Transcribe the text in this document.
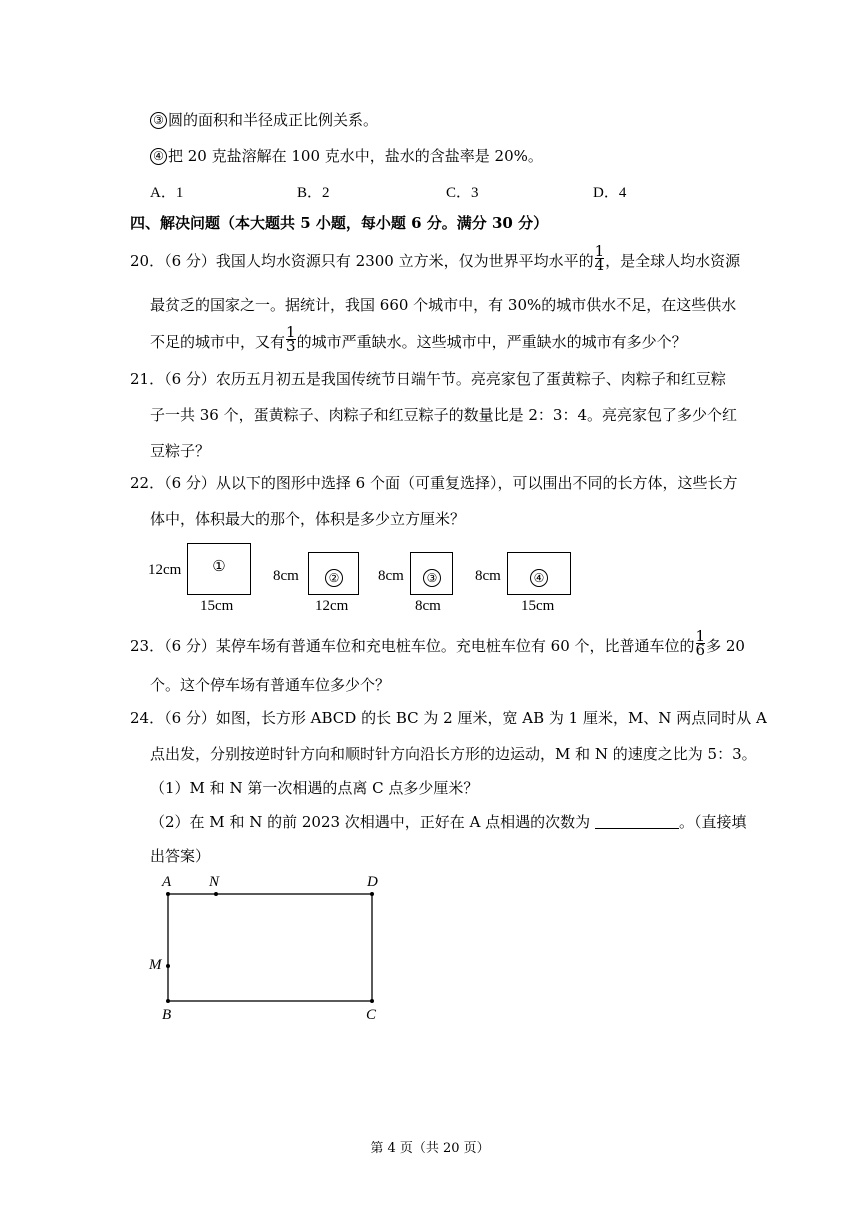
③ 圆的面积和半径成正比例关系。
④ 把 20 克盐溶解在 100 克水中，盐水的含盐率是 20%。
A．1	B．2	C．3	D．4
四、解决问题（本大题共 5 小题，每小题 6 分。满分 30 分）
20．（6 分）我国人均水资源只有 2300 立方米，仅为世界平均水平的 $\frac{1}{4}$ ，是全球人均水资源
最贫乏的国家之一。据统计，我国 660 个城市中，有 30%的城市供水不足，在这些供水
不足的城市中，又有 $\frac{1}{3}$ 的城市严重缺水。这些城市中，严重缺水的城市有多少个？
21．（6 分）农历五月初五是我国传统节日端午节。亮亮家包了蛋黄粽子、肉粽子和红豆粽
子一共 36 个，蛋黄粽子、肉粽子和红豆粽子的数量比是 2：3：4。亮亮家包了多少个红
豆粽子？
22．（6 分）从以下的图形中选择 6 个面（可重复选择），可以围出不同的长方体，这些长方
体中，体积最大的那个，体积是多少立方厘米？
12cm ①
15cm
8cm	②
12cm
8cm	③
8cm
8cm	④
15cm
23．（6 分）某停车场有普通车位和充电桩车位。充电桩车位有 60 个，比普通车位的 $\frac{1}{6}$ 多 20
个。这个停车场有普通车位多少个？
24．（6 分）如图，长方形 ABCD 的长 BC 为 2 厘米，宽 AB 为 1 厘米，M、N 两点同时从 A
点出发，分别按逆时针方向和顺时针方向沿长方形的边运动，M 和 N 的速度之比为 5：3。
（1）M 和 N 第一次相遇的点离 C 点多少厘米？
（2）在 M 和 N 的前 2023 次相遇中，正好在 A 点相遇的次数为	。（直接填
出答案）
A	N	D
M
B	C
第 4 页（共 20 页）
